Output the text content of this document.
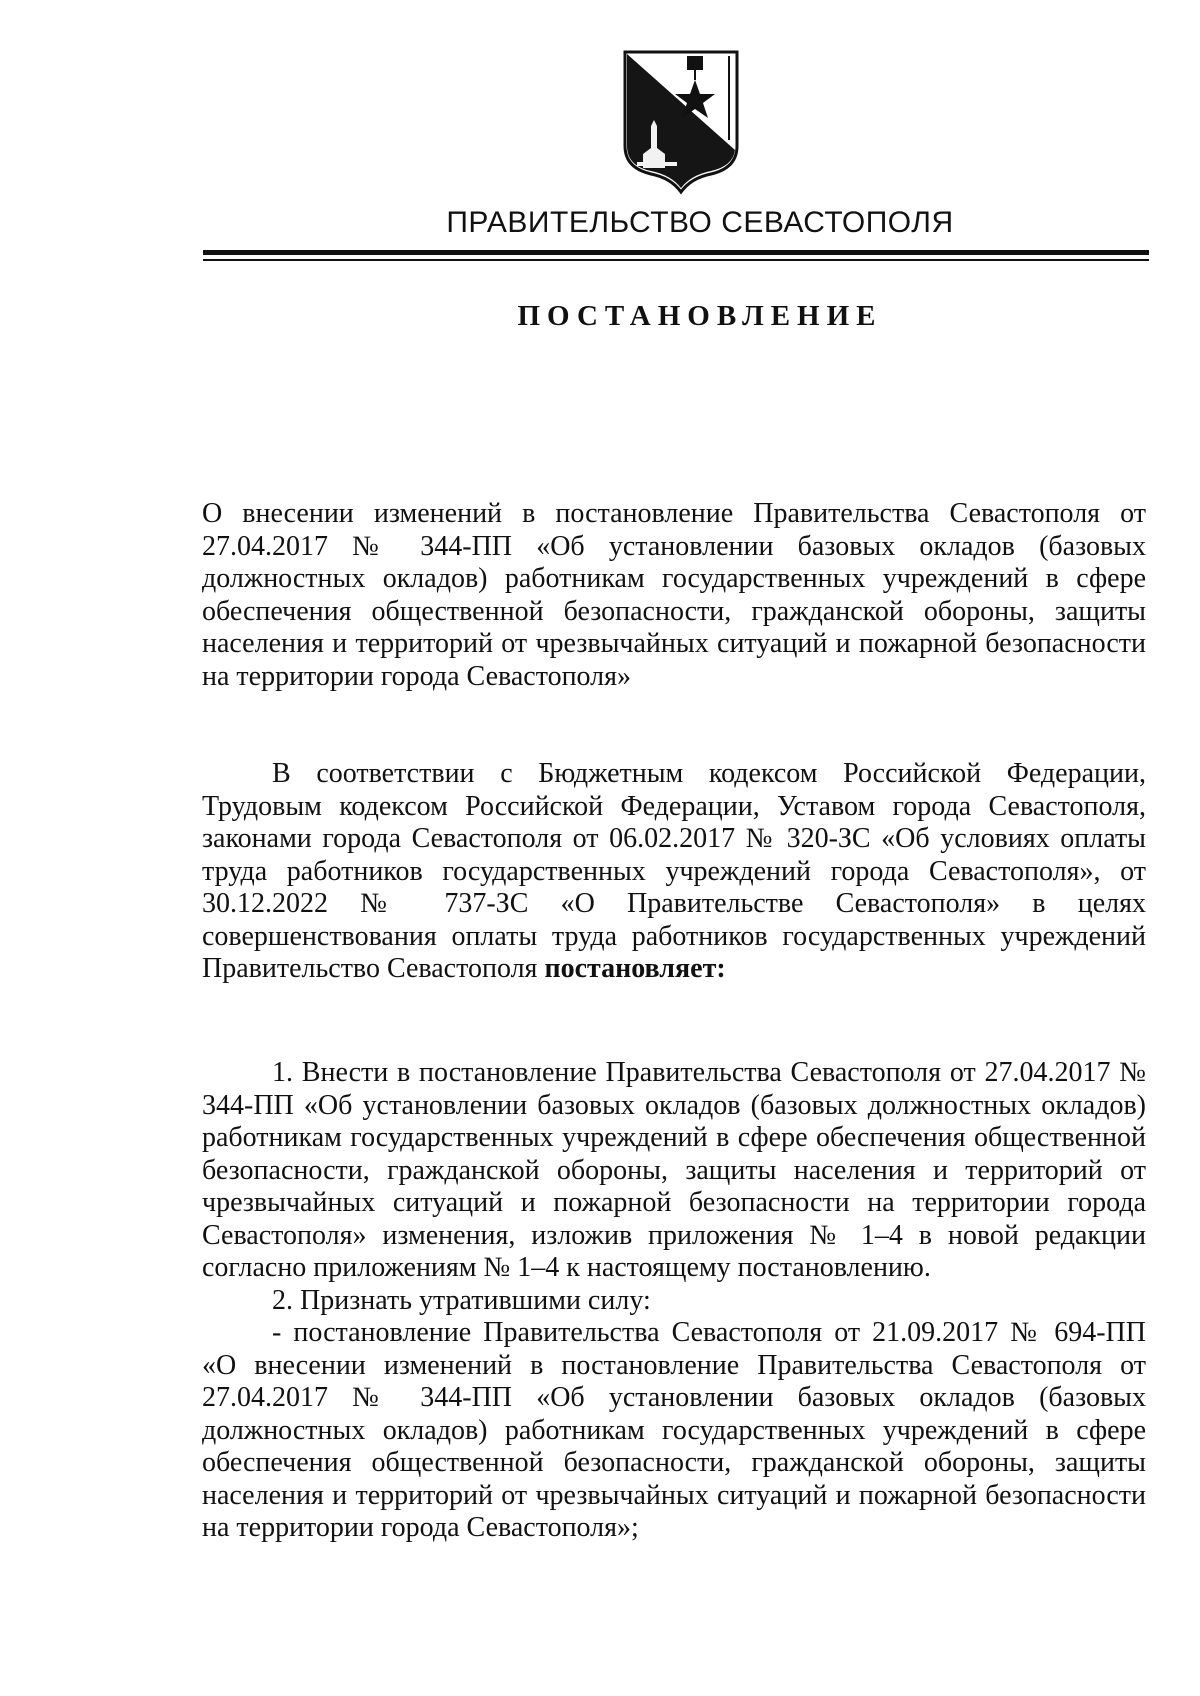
ПРАВИТЕЛЬСТВО СЕВАСТОПОЛЯ
ПОСТАНОВЛЕНИЕ

О внесении изменений в постановление Правительства Севастополя от 27.04.2017 № 344-ПП «Об установлении базовых окладов (базовых должностных окладов) работникам государственных учреждений в сфере обеспечения общественной безопасности, гражданской обороны, защиты населения и территорий от чрезвычайных ситуаций и пожарной безопасности на территории города Севастополя»

В соответствии с Бюджетным кодексом Российской Федерации, Трудовым кодексом Российской Федерации, Уставом города Севастополя, законами города Севастополя от 06.02.2017 № 320-ЗС «Об условиях оплаты труда работников государственных учреждений города Севастополя», от 30.12.2022 № 737-ЗС «О Правительстве Севастополя» в целях совершенствования оплаты труда работников государственных учреждений Правительство Севастополя постановляет:

1. Внести в постановление Правительства Севастополя от 27.04.2017 № 344-ПП «Об установлении базовых окладов (базовых должностных окладов) работникам государственных учреждений в сфере обеспечения общественной безопасности, гражданской обороны, защиты населения и территорий от чрезвычайных ситуаций и пожарной безопасности на территории города Севастополя» изменения, изложив приложения № 1–4 в новой редакции согласно приложениям № 1–4 к настоящему постановлению.

2. Признать утратившими силу:

- постановление Правительства Севастополя от 21.09.2017 № 694-ПП «О внесении изменений в постановление Правительства Севастополя от 27.04.2017 № 344-ПП «Об установлении базовых окладов (базовых должностных окладов) работникам государственных учреждений в сфере обеспечения общественной безопасности, гражданской обороны, защиты населения и территорий от чрезвычайных ситуаций и пожарной безопасности на территории города Севастополя»;
